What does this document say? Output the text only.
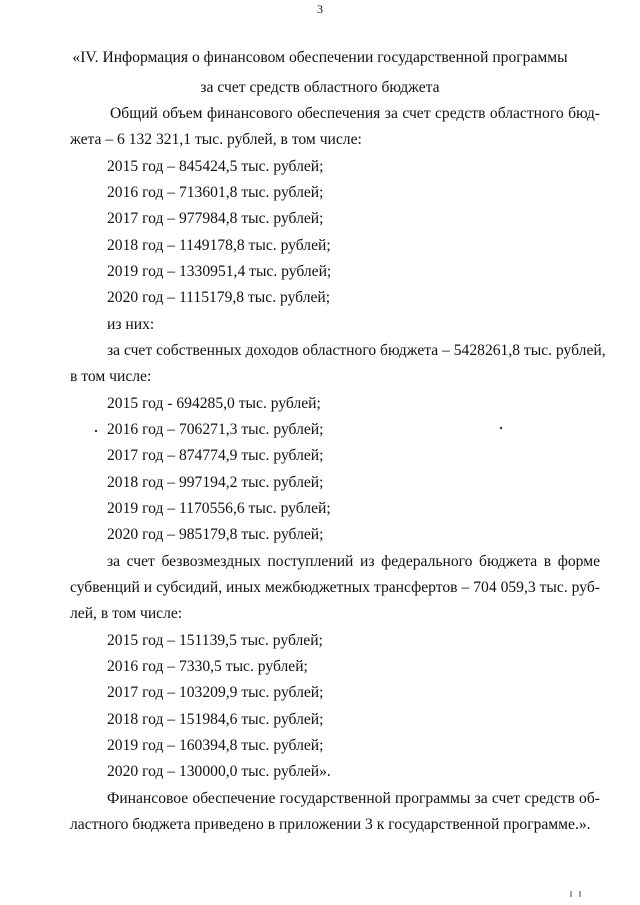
3
«IV. Информация о финансовом обеспечении государственной программы
за счет средств областного бюджета
Общий объем финансового обеспечения за счет средств областного бюд-
жета – 6 132 321,1 тыс. рублей, в том числе:
2015 год – 845424,5 тыс. рублей;
2016 год – 713601,8 тыс. рублей;
2017 год – 977984,8 тыс. рублей;
2018 год – 1149178,8 тыс. рублей;
2019 год – 1330951,4 тыс. рублей;
2020 год – 1115179,8 тыс. рублей;
из них:
за счет собственных доходов областного бюджета – 5428261,8 тыс. рублей,
в том числе:
2015 год - 694285,0 тыс. рублей;
2016 год – 706271,3 тыс. рублей;
2017 год – 874774,9 тыс. рублей;
2018 год – 997194,2 тыс. рублей;
2019 год – 1170556,6 тыс. рублей;
2020 год – 985179,8 тыс. рублей;
за счет безвозмездных поступлений из федерального бюджета в форме
субвенций и субсидий, иных межбюджетных трансфертов – 704 059,3 тыс. руб-
лей, в том числе:
2015 год – 151139,5 тыс. рублей;
2016 год – 7330,5 тыс. рублей;
2017 год – 103209,9 тыс. рублей;
2018 год – 151984,6 тыс. рублей;
2019 год – 160394,8 тыс. рублей;
2020 год – 130000,0 тыс. рублей».
Финансовое обеспечение государственной программы за счет средств об-
ластного бюджета приведено в приложении 3 к государственной программе.».
